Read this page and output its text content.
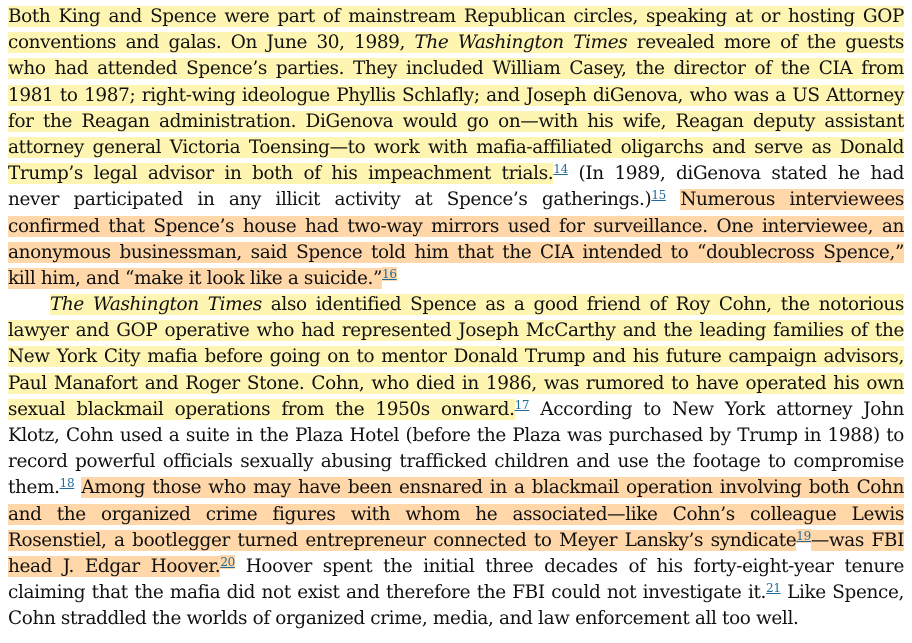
Both King and Spence were part of mainstream Republican circles, speaking at or hosting GOP
conventions and galas. On June 30, 1989, The Washington Times revealed more of the guests
who had attended Spence’s parties. They included William Casey, the director of the CIA from
1981 to 1987; right-wing ideologue Phyllis Schlafly; and Joseph diGenova, who was a US Attorney
for the Reagan administration. DiGenova would go on—with his wife, Reagan deputy assistant
attorney general Victoria Toensing—to work with mafia-affiliated oligarchs and serve as Donald
Trump’s legal advisor in both of his impeachment trials.$^{14}$ (In 1989, diGenova stated he had
never participated in any illicit activity at Spence’s gatherings.)$^{15}$ Numerous interviewees
confirmed that Spence’s house had two-way mirrors used for surveillance. One interviewee, an
anonymous businessman, said Spence told him that the CIA intended to “doublecross Spence,”
kill him, and “make it look like a suicide.”$^{16}$
The Washington Times also identified Spence as a good friend of Roy Cohn, the notorious
lawyer and GOP operative who had represented Joseph McCarthy and the leading families of the
New York City mafia before going on to mentor Donald Trump and his future campaign advisors,
Paul Manafort and Roger Stone. Cohn, who died in 1986, was rumored to have operated his own
sexual blackmail operations from the 1950s onward.$^{17}$ According to New York attorney John
Klotz, Cohn used a suite in the Plaza Hotel (before the Plaza was purchased by Trump in 1988) to
record powerful officials sexually abusing trafficked children and use the footage to compromise
them.$^{18}$ Among those who may have been ensnared in a blackmail operation involving both Cohn
and the organized crime figures with whom he associated—like Cohn’s colleague Lewis
Rosenstiel, a bootlegger turned entrepreneur connected to Meyer Lansky’s syndicate$^{19}$—was FBI
head J. Edgar Hoover.$^{20}$ Hoover spent the initial three decades of his forty-eight-year tenure
claiming that the mafia did not exist and therefore the FBI could not investigate it.$^{21}$ Like Spence,
Cohn straddled the worlds of organized crime, media, and law enforcement all too well.
